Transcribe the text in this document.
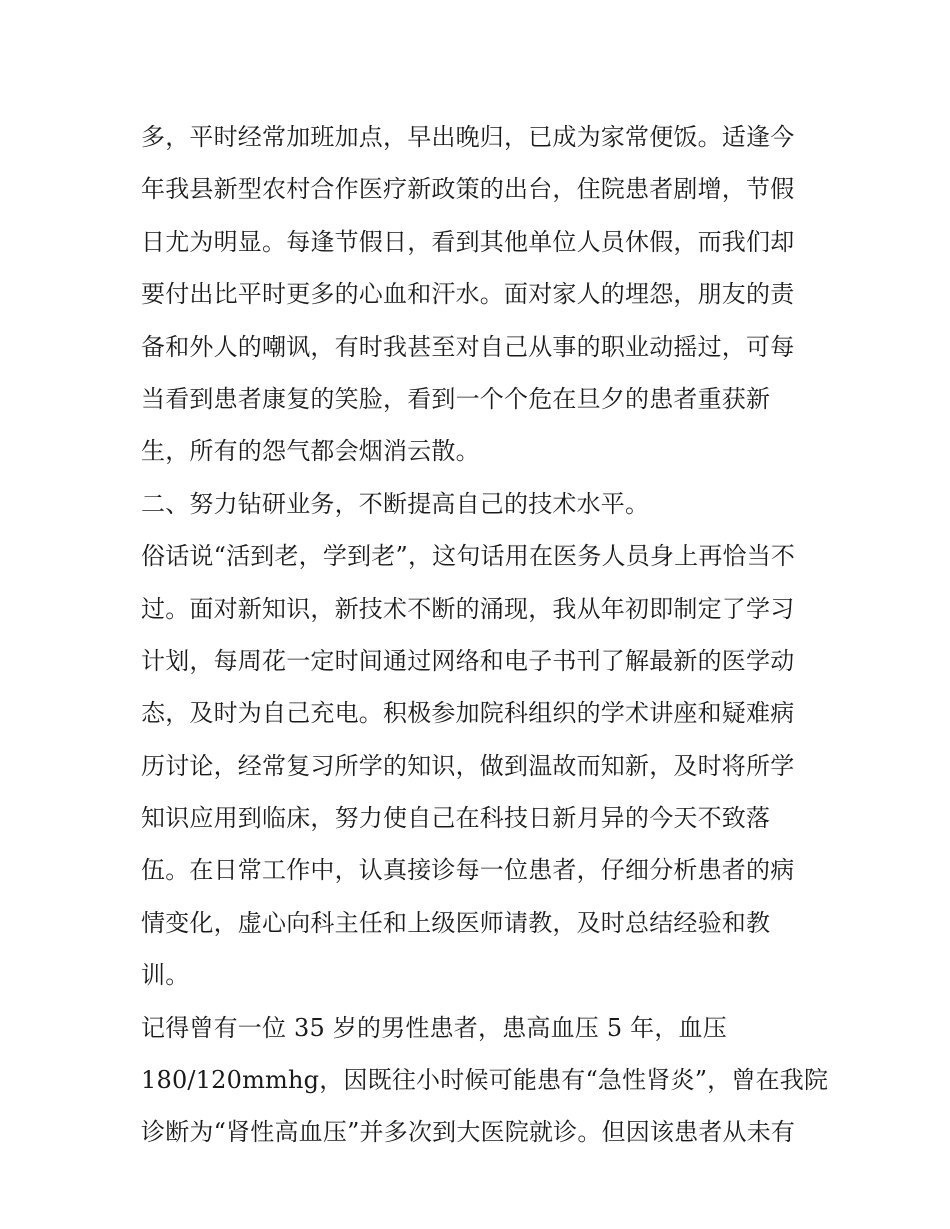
多，平时经常加班加点，早出晚归，已成为家常便饭。适逢今
年我县新型农村合作医疗新政策的出台，住院患者剧增，节假
日尤为明显。每逢节假日，看到其他单位人员休假，而我们却
要付出比平时更多的心血和汗水。面对家人的埋怨，朋友的责
备和外人的嘲讽，有时我甚至对自己从事的职业动摇过，可每
当看到患者康复的笑脸，看到一个个危在旦夕的患者重获新
生，所有的怨气都会烟消云散。
二、努力钻研业务，不断提高自己的技术水平。
俗话说“活到老，学到老”，这句话用在医务人员身上再恰当不
过。面对新知识，新技术不断的涌现，我从年初即制定了学习
计划，每周花一定时间通过网络和电子书刊了解最新的医学动
态，及时为自己充电。积极参加院科组织的学术讲座和疑难病
历讨论，经常复习所学的知识，做到温故而知新，及时将所学
知识应用到临床，努力使自己在科技日新月异的今天不致落
伍。在日常工作中，认真接诊每一位患者，仔细分析患者的病
情变化，虚心向科主任和上级医师请教，及时总结经验和教
训。
记得曾有一位 35 岁的男性患者，患高血压 5 年，血压
180/120mmhg，因既往小时候可能患有“急性肾炎”，曾在我院
诊断为“肾性高血压”并多次到大医院就诊。但因该患者从未有
